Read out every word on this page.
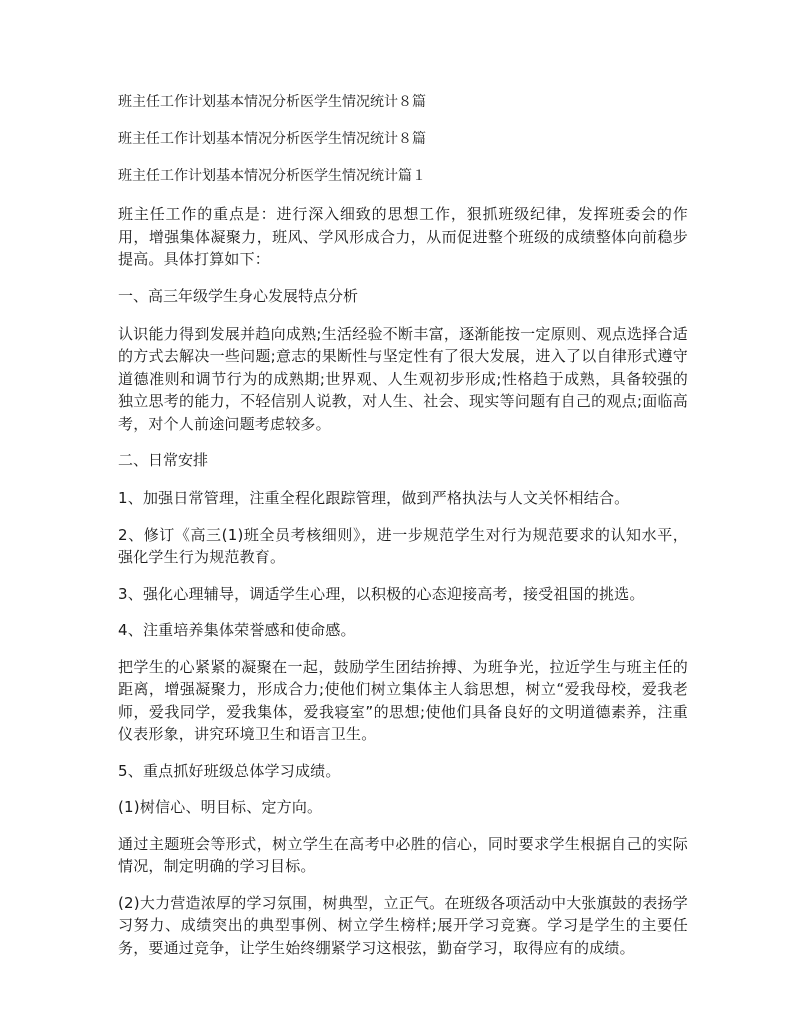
班主任工作计划基本情况分析医学生情况统计８篇

班主任工作计划基本情况分析医学生情况统计８篇

班主任工作计划基本情况分析医学生情况统计篇１

班主任工作的重点是：进行深入细致的思想工作，狠抓班级纪律，发挥班委会的作用，增强集体凝聚力，班风、学风形成合力，从而促进整个班级的成绩整体向前稳步提高。具体打算如下：

一、高三年级学生身心发展特点分析

认识能力得到发展并趋向成熟;生活经验不断丰富，逐渐能按一定原则、观点选择合适的方式去解决一些问题;意志的果断性与坚定性有了很大发展，进入了以自律形式遵守道德准则和调节行为的成熟期;世界观、人生观初步形成;性格趋于成熟，具备较强的独立思考的能力，不轻信别人说教，对人生、社会、现实等问题有自己的观点;面临高考，对个人前途问题考虑较多。

二、日常安排

1、加强日常管理，注重全程化跟踪管理，做到严格执法与人文关怀相结合。

2、修订《高三(1)班全员考核细则》，进一步规范学生对行为规范要求的认知水平，强化学生行为规范教育。

3、强化心理辅导，调适学生心理，以积极的心态迎接高考，接受祖国的挑选。

4、注重培养集体荣誉感和使命感。

把学生的心紧紧的凝聚在一起，鼓励学生团结拚搏、为班争光，拉近学生与班主任的距离，增强凝聚力，形成合力;使他们树立集体主人翁思想，树立“爱我母校，爱我老师，爱我同学，爱我集体，爱我寝室”的思想;使他们具备良好的文明道德素养，注重仪表形象，讲究环境卫生和语言卫生。

5、重点抓好班级总体学习成绩。

(1)树信心、明目标、定方向。

通过主题班会等形式，树立学生在高考中必胜的信心，同时要求学生根据自己的实际情况，制定明确的学习目标。

(2)大力营造浓厚的学习氛围，树典型，立正气。在班级各项活动中大张旗鼓的表扬学习努力、成绩突出的典型事例、树立学生榜样;展开学习竞赛。学习是学生的主要任务，要通过竞争，让学生始终绷紧学习这根弦，勤奋学习，取得应有的成绩。
